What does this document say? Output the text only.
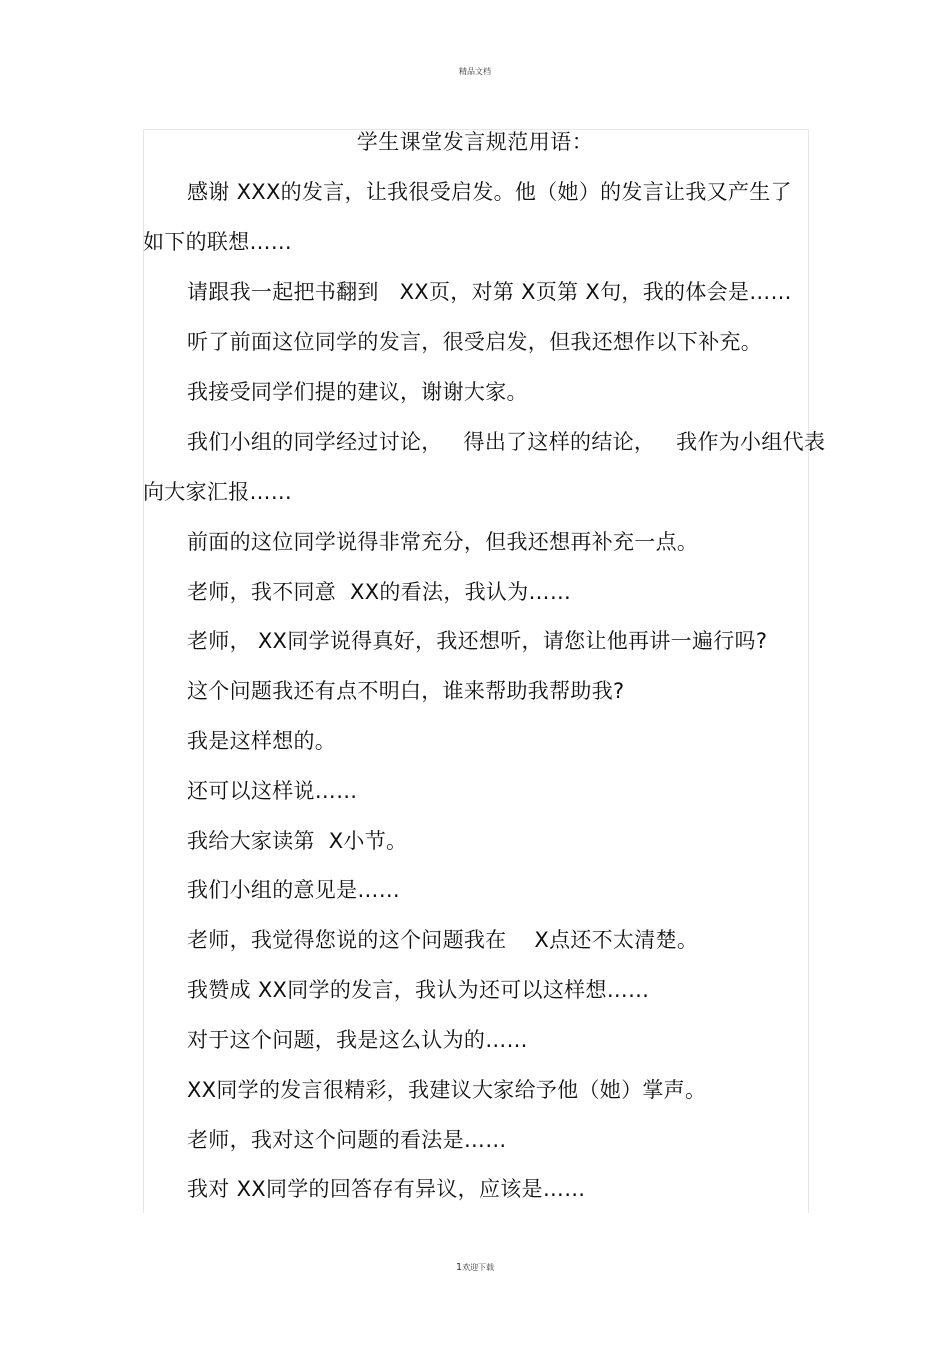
精品文档
学生课堂发言规范用语：
感谢 XXX的发言，让我很受启发。他（她）的发言让我又产生了
如下的联想……
请跟我一起把书翻到   XX页，对第 X页第 X句，我的体会是……
听了前面这位同学的发言，很受启发，但我还想作以下补充。
我接受同学们提的建议，谢谢大家。
我们小组的同学经过讨论，   得出了这样的结论，   我作为小组代表
向大家汇报……
前面的这位同学说得非常充分，但我还想再补充一点。
老师，我不同意  XX的看法，我认为……
老师， XX同学说得真好，我还想听，请您让他再讲一遍行吗?
这个问题我还有点不明白，谁来帮助我帮助我?
我是这样想的。
还可以这样说……
我给大家读第  X小节。
我们小组的意见是……
老师，我觉得您说的这个问题我在    X点还不太清楚。
我赞成 XX同学的发言，我认为还可以这样想……
对于这个问题，我是这么认为的……
XX同学的发言很精彩，我建议大家给予他（她）掌声。
老师，我对这个问题的看法是……
我对 XX同学的回答存有异议，应该是……
1欢迎下载
